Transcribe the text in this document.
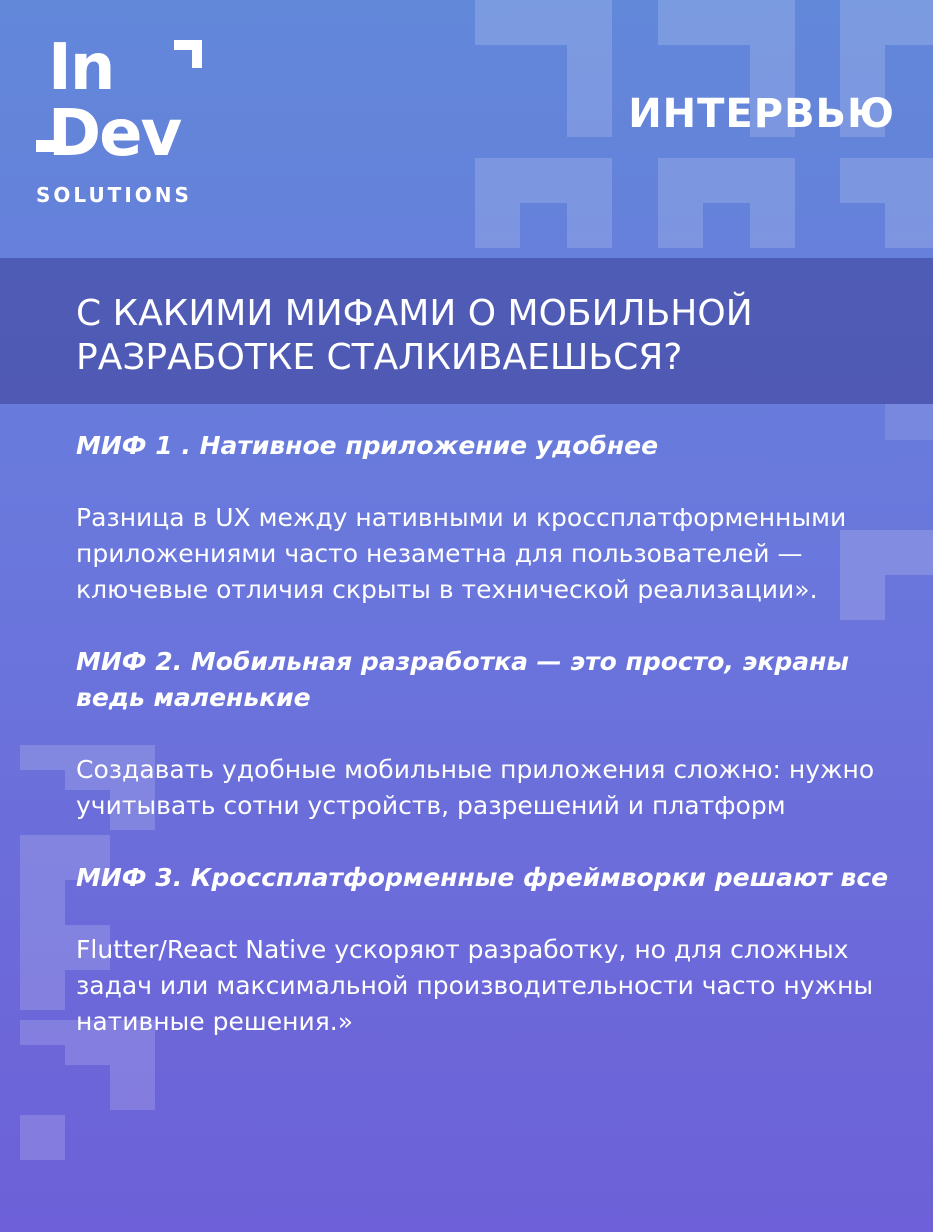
In
Dev
SOLUTIONS
ИНТЕРВЬЮ
С КАКИМИ МИФАМИ О МОБИЛЬНОЙ
РАЗРАБОТКЕ СТАЛКИВАЕШЬСЯ?

МИФ 1 . Нативное приложение удобнее

Разница в UX между нативными и кроссплатформенными приложениями часто незаметна для пользователей — ключевые отличия скрыты в технической реализации».

МИФ 2. Мобильная разработка — это просто, экраны ведь маленькие

Создавать удобные мобильные приложения сложно: нужно учитывать сотни устройств, разрешений и платформ

МИФ 3. Кроссплатформенные фреймворки решают все

Flutter/React Native ускоряют разработку, но для сложных задач или максимальной производительности часто нужны нативные решения.»
